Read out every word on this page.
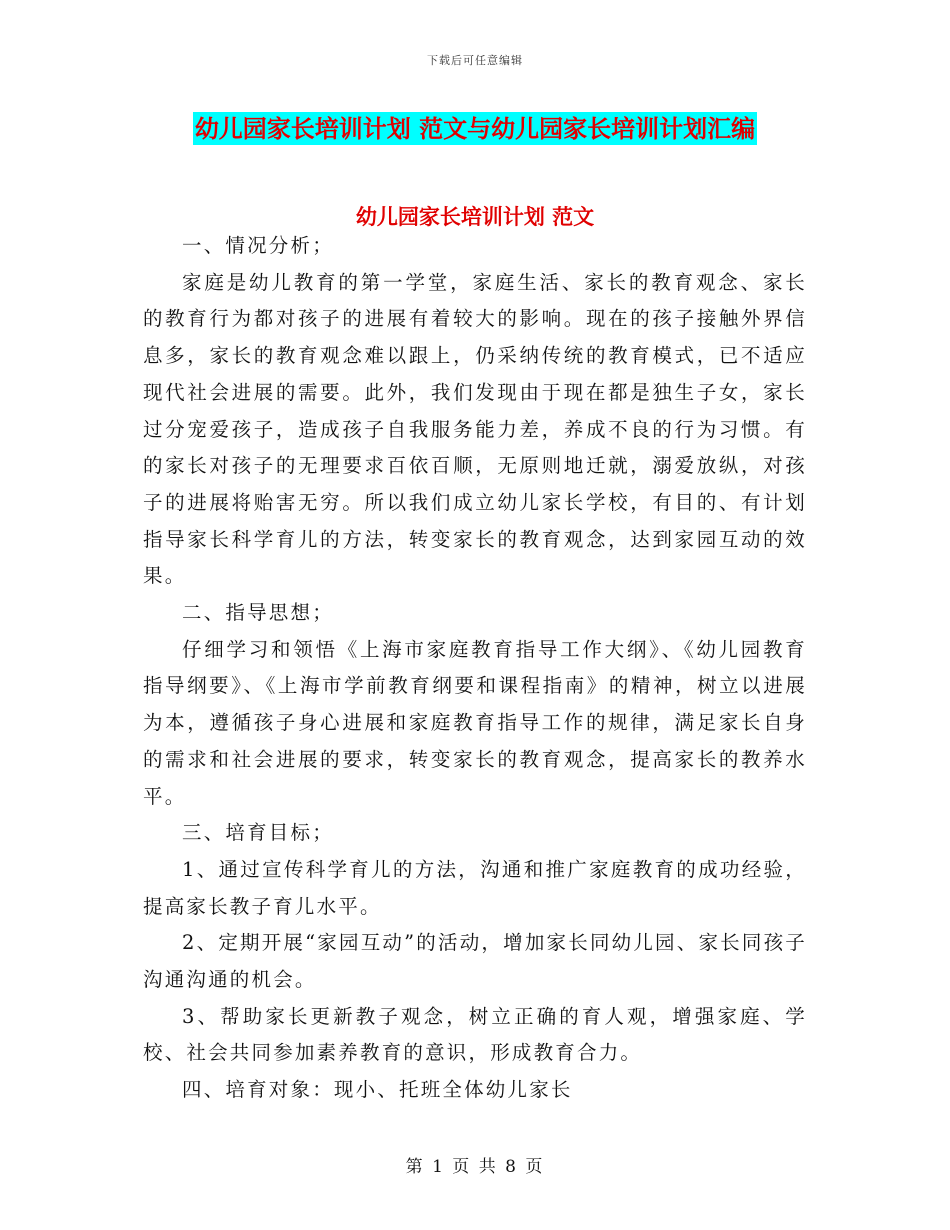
下载后可任意编辑
幼儿园家长培训计划 范文与幼儿园家长培训计划汇编
幼儿园家长培训计划 范文

一、情况分析；

家庭是幼儿教育的第一学堂，家庭生活、家长的教育观念、家长的教育行为都对孩子的进展有着较大的影响。现在的孩子接触外界信息多，家长的教育观念难以跟上，仍采纳传统的教育模式，已不适应现代社会进展的需要。此外，我们发现由于现在都是独生子女，家长过分宠爱孩子，造成孩子自我服务能力差，养成不良的行为习惯。有的家长对孩子的无理要求百依百顺，无原则地迁就，溺爱放纵，对孩子的进展将贻害无穷。所以我们成立幼儿家长学校，有目的、有计划指导家长科学育儿的方法，转变家长的教育观念，达到家园互动的效果。

二、指导思想；

仔细学习和领悟《上海市家庭教育指导工作大纲》、《幼儿园教育指导纲要》、《上海市学前教育纲要和课程指南》的精神，树立以进展为本，遵循孩子身心进展和家庭教育指导工作的规律，满足家长自身的需求和社会进展的要求，转变家长的教育观念，提高家长的教养水平。

三、培育目标；

1、通过宣传科学育儿的方法，沟通和推广家庭教育的成功经验，提高家长教子育儿水平。

2、定期开展“家园互动”的活动，增加家长同幼儿园、家长同孩子沟通沟通的机会。

3、帮助家长更新教子观念，树立正确的育人观，增强家庭、学校、社会共同参加素养教育的意识，形成教育合力。

四、培育对象：现小、托班全体幼儿家长

第 1 页 共 8 页
